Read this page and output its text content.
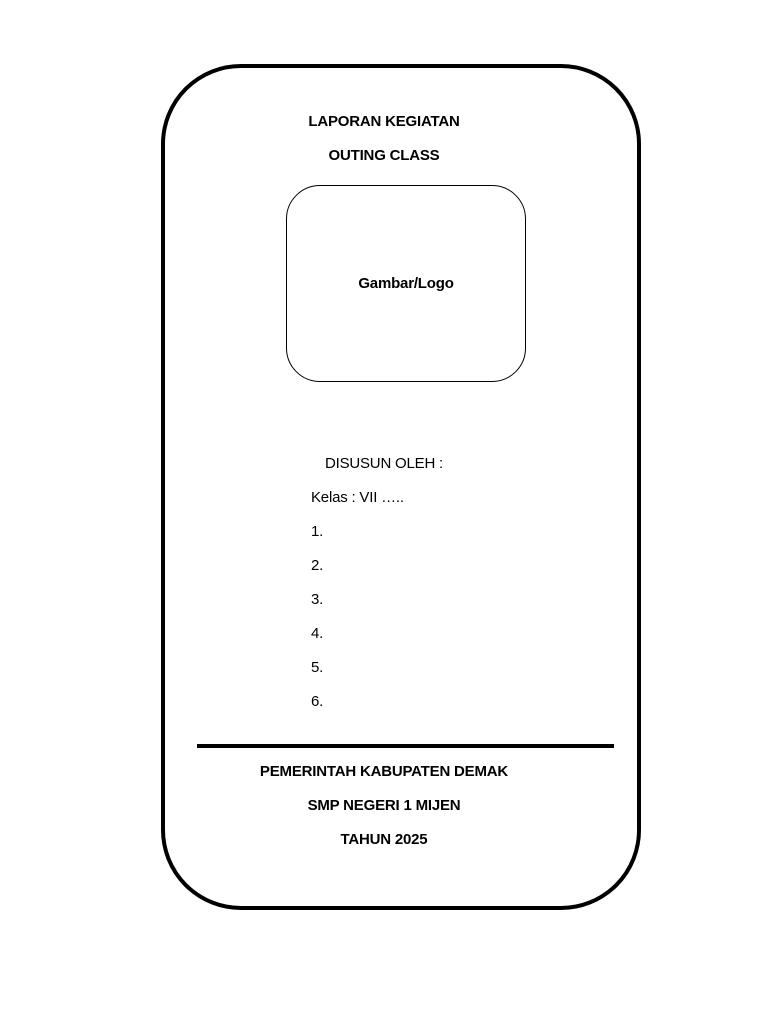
LAPORAN KEGIATAN
OUTING CLASS
Gambar/Logo
DISUSUN OLEH :
Kelas : VII …..
1.
2.
3.
4.
5.
6.
PEMERINTAH KABUPATEN DEMAK
SMP NEGERI 1 MIJEN
TAHUN 2025
